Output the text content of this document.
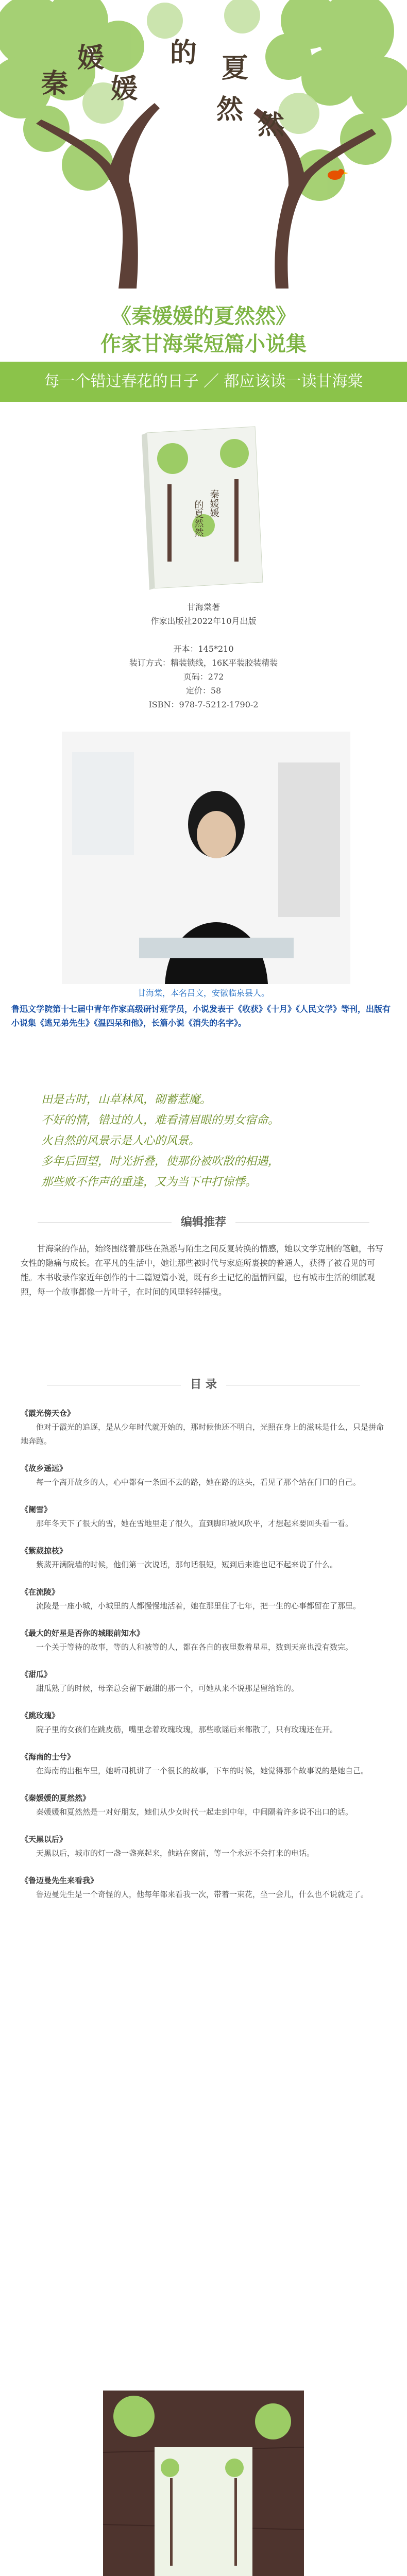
秦
媛
媛
的 夏
然 然
《秦媛媛的夏然然》
作家甘海棠短篇小说集
每一个错过春花的日子 ／ 都应该读一读甘海棠
秦媛媛
的夏然然
甘海棠著
作家出版社2022年10月出版

开本：145*210
装订方式：精装锁线，16K平装胶装精装
页码：272
定价：58
ISBN：978-7-5212-1790-2
甘海棠，本名吕文，安徽临泉县人。
鲁迅文学院第十七届中青年作家高级研讨班学员，小说发表于《收获》《十月》《人民文学》等刊，出版有小说集《逃兄弟先生》《温四呆和他》，长篇小说《消失的名字》。
田是古时，山草林风，砌蓄惹魔。
不好的情，错过的人，难看清眉眼的男女宿命。
火自然的风景示是人心的风景。
多年后回望，时光折叠，使那份被吹散的相遇，
那些败不作声的重逢，又为当下中打惊悸。
编辑推荐
甘海棠的作品，始终围绕着那些在熟悉与陌生之间反复转换的情感，她以文学克制的笔触，书写女性的隐痛与成长。在平凡的生活中，她让那些被时代与家庭所裹挟的普通人，获得了被看见的可能。本书收录作家近年创作的十二篇短篇小说，既有乡土记忆的温情回望，也有城市生活的细腻观照，每一个故事都像一片叶子，在时间的风里轻轻摇曳。
目 录
《霞光傍天仓》
他对于霞光的追逐，是从少年时代就开始的，那时候他还不明白，光照在身上的滋味是什么，只是拼命地奔跑。
《故乡遥远》
每一个离开故乡的人，心中都有一条回不去的路，她在路的这头，看见了那个站在门口的自己。
《阑雪》
那年冬天下了很大的雪，她在雪地里走了很久，直到脚印被风吹平，才想起来要回头看一看。
《紫葳掠枝》
紫葳开满院墙的时候，他们第一次说话，那句话很短，短到后来谁也记不起来说了什么。
《在流陵》
流陵是一座小城，小城里的人都慢慢地活着，她在那里住了七年，把一生的心事都留在了那里。
《最大的好星是否你的城眼前知水》
一个关于等待的故事，等的人和被等的人，都在各自的夜里数着星星，数到天亮也没有数完。
《甜瓜》
甜瓜熟了的时候，母亲总会留下最甜的那一个，可她从来不说那是留给谁的。
《跳玫瑰》
院子里的女孩们在跳皮筋，嘴里念着玫瑰玫瑰，那些歌谣后来都散了，只有玫瑰还在开。
《海南的士兮》
在海南的出租车里，她听司机讲了一个很长的故事，下车的时候，她觉得那个故事说的是她自己。
《秦媛媛的夏然然》
秦媛媛和夏然然是一对好朋友，她们从少女时代一起走到中年，中间隔着许多说不出口的话。
《天黑以后》
天黑以后，城市的灯一盏一盏亮起来，他站在窗前，等一个永远不会打来的电话。
《鲁迈曼先生来看我》
鲁迈曼先生是一个奇怪的人，他每年都来看我一次，带着一束花，坐一会儿，什么也不说就走了。
